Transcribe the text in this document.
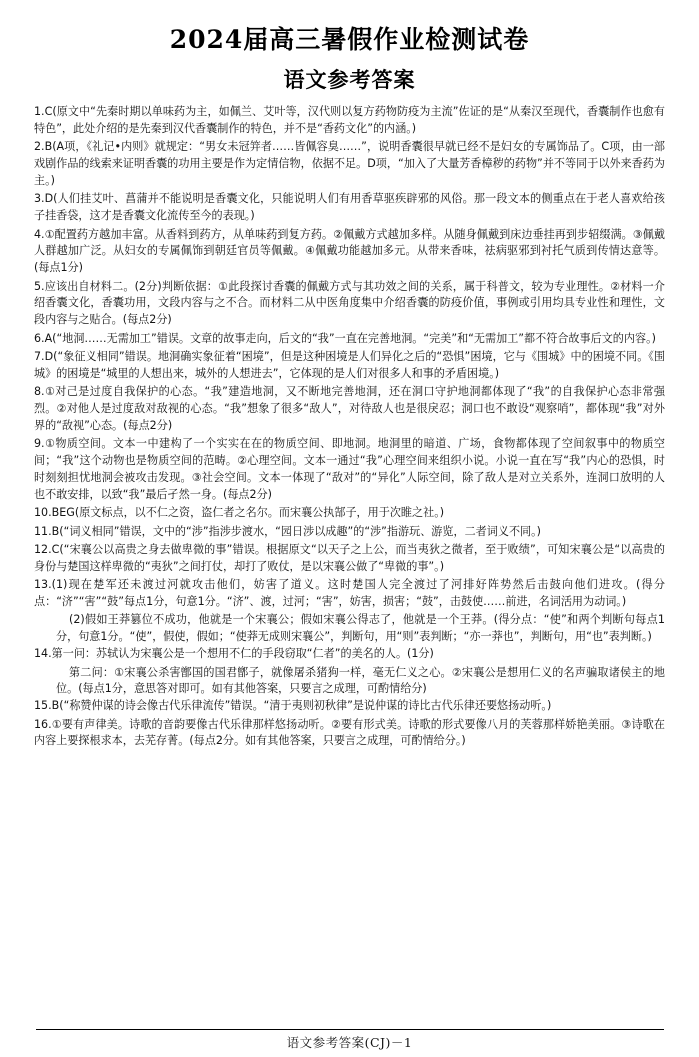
2024届高三暑假作业检测试卷
语文参考答案
1.C(原文中“先秦时期以单味药为主，如佩兰、艾叶等，汉代则以复方药物防疫为主流”佐证的是“从秦汉至现代，香囊制作也愈有特色”，此处介绍的是先秦到汉代香囊制作的特色，并不是“香药文化”的内涵。)
2.B(A项，《礼记•内则》就规定：“男女未冠笄者……皆佩容臭……”，说明香囊很早就已经不是妇女的专属饰品了。C项，由一部戏剧作品的线索来证明香囊的功用主要是作为定情信物，依据不足。D项，“加入了大量芳香樟秽的药物”并不等同于以外来香药为主。)
3.D(人们挂艾叶、菖蒲并不能说明是香囊文化，只能说明人们有用香草驱疾辟邪的风俗。那一段文本的侧重点在于老人喜欢给孩子挂香袋，这才是香囊文化流传至今的表现。)
4.①配置药方越加丰富。从香料到药方，从单味药到复方药。②佩戴方式越加多样。从随身佩戴到床边垂挂再到步轺缀满。③佩戴人群越加广泛。从妇女的专属佩饰到朝廷官员等佩戴。④佩戴功能越加多元。从带来香味，祛病驱邪到衬托气质到传情达意等。(每点1分)
5.应该出自材料二。(2分)判断依据：①此段探讨香囊的佩戴方式与其功效之间的关系，属于科普文，较为专业理性。②材料一介绍香囊文化，香囊功用，文段内容与之不合。而材料二从中医角度集中介绍香囊的防疫价值，事例或引用均具专业性和理性，文段内容与之贴合。(每点2分)
6.A(“地洞……无需加工”错误。文章的故事走向，后文的“我”一直在完善地洞。“完美”和“无需加工”都不符合故事后文的内容。)
7.D(“象征义相同”错误。地洞确实象征着“困境”，但是这种困境是人们异化之后的“恐惧”困境，它与《围城》中的困境不同。《围城》的困境是“城里的人想出来，城外的人想进去”，它体现的是人们对很多人和事的矛盾困境。)
8.①对己是过度自我保护的心态。“我”建造地洞，又不断地完善地洞，还在洞口守护地洞都体现了“我”的自我保护心态非常强烈。②对他人是过度敌对敌视的心态。“我”想象了很多“敌人”，对待敌人也是很戾忍；洞口也不敢设“观察哨”，都体现“我”对外界的“敌视”心态。(每点2分)
9.①物质空间。文本一中建构了一个实实在在的物质空间、即地洞。地洞里的暗道、广场，食物都体现了空间叙事中的物质空间；“我”这个动物也是物质空间的范畴。②心理空间。文本一通过“我”心理空间来组织小说。小说一直在写“我”内心的恐惧，时时刻刻担忧地洞会被攻击发现。③社会空间。文本一体现了“敌对”的“异化”人际空间，除了敌人是对立关系外，连洞口放明的人也不敢安排，以致“我”最后孑然一身。(每点2分)
10.BEG(原文标点，以不仁之资，盗仁者之名尔。而宋襄公执郜子，用于次睢之社。)
11.B(“词义相同”错误，文中的“涉”指涉步渡水，“园日涉以成趣”的“涉”指游玩、游览，二者词义不同。)
12.C(“宋襄公以高贵之身去做卑微的事”错误。根据原文“以天子之上公，而当夷狄之微者，至于败绩”，可知宋襄公是“以高贵的身份与楚国这样卑微的“夷狄”之间打仗，却打了败仗，是以宋襄公做了“卑微的事”。)
13.(1)现在楚军还未渡过河就攻击他们，妨害了道义。这时楚国人完全渡过了河排好阵势然后击鼓向他们进攻。(得分点：“济”“害”“鼓”每点1分，句意1分。“济”、渡，过河；“害”，妨害，损害；“鼓”，击鼓使……前进，名词活用为动词。)
(2)假如王莽篡位不成功，他就是一个宋襄公；假如宋襄公得志了，他就是一个王莽。(得分点：“使”和两个判断句每点1分，句意1分。“使”，假使，假如；“使莽无成则宋襄公”，判断句，用“则”表判断；“亦一莽也”，判断句，用“也”表判断。)
14.第一问：苏轼认为宋襄公是一个想用不仁的手段窃取“仁者”的美名的人。(1分)
第二问：①宋襄公杀害鄫国的国君鄫子，就像屠杀猪狗一样，毫无仁义之心。②宋襄公是想用仁义的名声骗取诸侯主的地位。(每点1分，意思答对即可。如有其他答案，只要言之成理，可酌情给分)
15.B(“称赞仲谋的诗会像古代乐律流传”错误。“清于夷则初秋律”是说仲谋的诗比古代乐律还要悠扬动听。)
16.①要有声律美。诗歌的音韵要像古代乐律那样悠扬动听。②要有形式美。诗歌的形式要像八月的芙蓉那样娇艳美丽。③诗歌在内容上要探根求本，去芜存菁。(每点2分。如有其他答案，只要言之成理，可酌情给分。)
语文参考答案(CJ)－1
